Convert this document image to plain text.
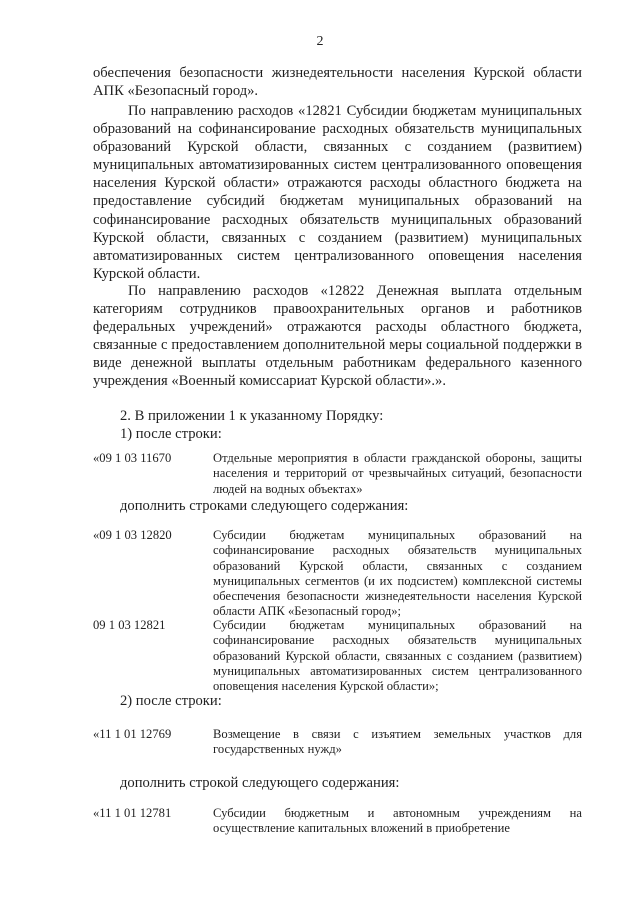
2

обеспечения безопасности жизнедеятельности населения Курской области АПК «Безопасный город».

По направлению расходов «12821 Субсидии бюджетам муниципальных образований на софинансирование расходных обязательств муниципальных образований Курской области, связанных с созданием (развитием) муниципальных автоматизированных систем централизованного оповещения населения Курской области» отражаются расходы областного бюджета на предоставление субсидий бюджетам муниципальных образований на софинансирование расходных обязательств муниципальных образований Курской области, связанных с созданием (развитием) муниципальных автоматизированных систем централизованного оповещения населения Курской области.

По направлению расходов «12822 Денежная выплата отдельным категориям сотрудников правоохранительных органов и работников федеральных учреждений» отражаются расходы областного бюджета, связанные с предоставлением дополнительной меры социальной поддержки в виде денежной выплаты отдельным работникам федерального казенного учреждения «Военный комиссариат Курской области».».

2. В приложении 1 к указанному Порядку:
1) после строки:
«09 1 03 11670	Отдельные мероприятия в области гражданской обороны, защиты населения и территорий от чрезвычайных ситуаций, безопасности людей на водных объектах»

дополнить строками следующего содержания:
«09 1 03 12820	Субсидии бюджетам муниципальных образований на софинансирование расходных обязательств муниципальных образований Курской области, связанных с созданием муниципальных сегментов (и их подсистем) комплексной системы обеспечения безопасности жизнедеятельности населения Курской области АПК «Безопасный город»;

09 1 03 12821	Субсидии бюджетам муниципальных образований на софинансирование расходных обязательств муниципальных образований Курской области, связанных с созданием (развитием) муниципальных автоматизированных систем централизованного оповещения населения Курской области»;

2) после строки:
«11 1 01 12769	Возмещение в связи с изъятием земельных участков для государственных нужд»

дополнить строкой следующего содержания:
«11 1 01 12781	Субсидии бюджетным и автономным учреждениям на осуществление капитальных вложений в приобретение
